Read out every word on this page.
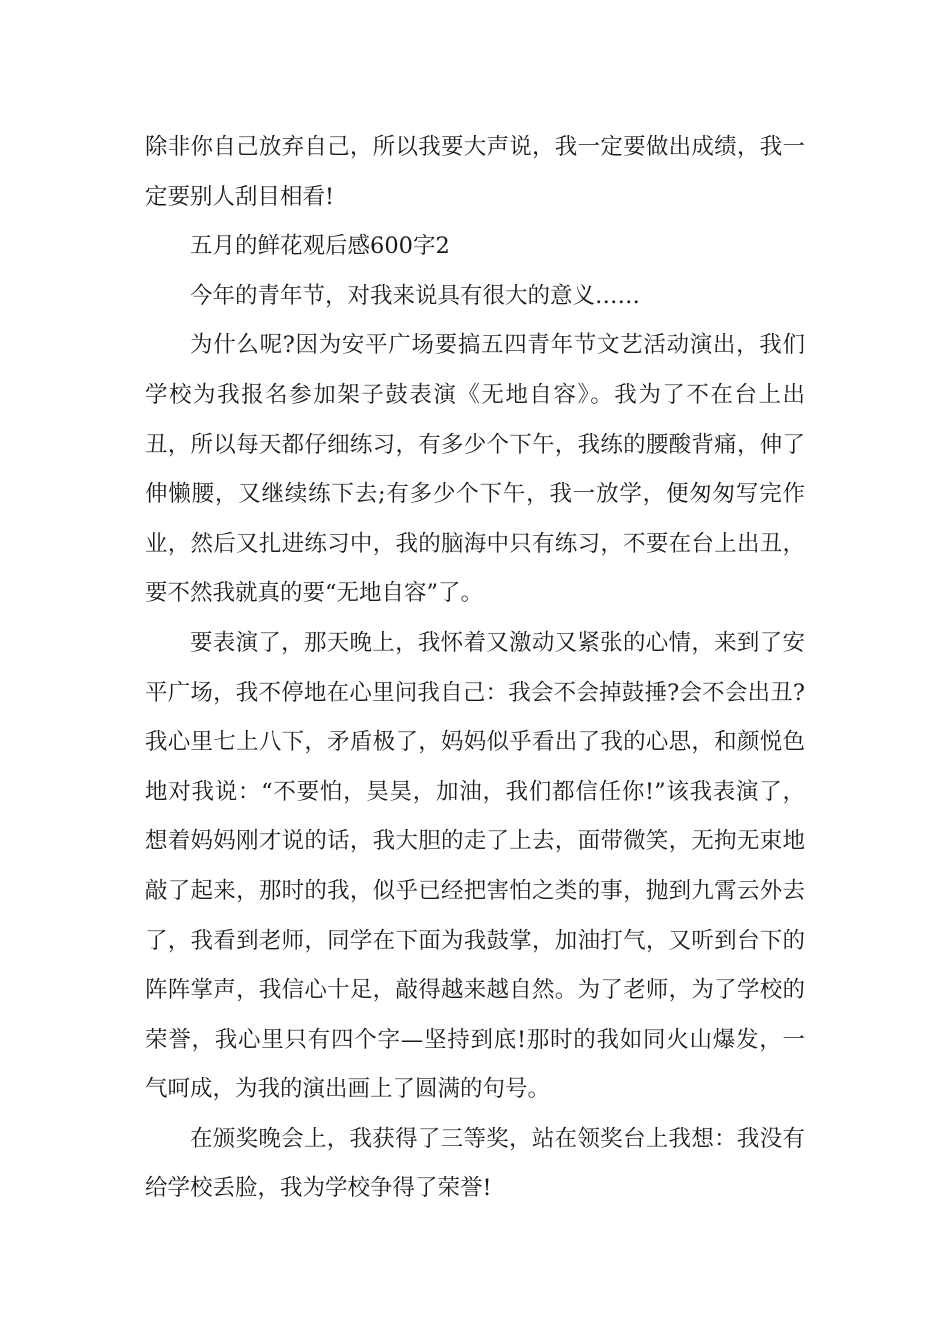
除非你自己放弃自己，所以我要大声说，我一定要做出成绩，我一定要别人刮目相看!

五月的鲜花观后感600字2

今年的青年节，对我来说具有很大的意义……

为什么呢?因为安平广场要搞五四青年节文艺活动演出，我们学校为我报名参加架子鼓表演《无地自容》。我为了不在台上出丑，所以每天都仔细练习，有多少个下午，我练的腰酸背痛，伸了伸懒腰，又继续练下去;有多少个下午，我一放学，便匆匆写完作业，然后又扎进练习中，我的脑海中只有练习，不要在台上出丑，要不然我就真的要“无地自容”了。

要表演了，那天晚上，我怀着又激动又紧张的心情，来到了安平广场，我不停地在心里问我自己：我会不会掉鼓捶?会不会出丑?我心里七上八下，矛盾极了，妈妈似乎看出了我的心思，和颜悦色地对我说：“不要怕，昊昊，加油，我们都信任你!”该我表演了，想着妈妈刚才说的话，我大胆的走了上去，面带微笑，无拘无束地敲了起来，那时的我，似乎已经把害怕之类的事，抛到九霄云外去了，我看到老师，同学在下面为我鼓掌，加油打气，又听到台下的阵阵掌声，我信心十足，敲得越来越自然。为了老师，为了学校的荣誉，我心里只有四个字—坚持到底!那时的我如同火山爆发，一气呵成，为我的演出画上了圆满的句号。

在颁奖晚会上，我获得了三等奖，站在领奖台上我想：我没有给学校丢脸，我为学校争得了荣誉!
